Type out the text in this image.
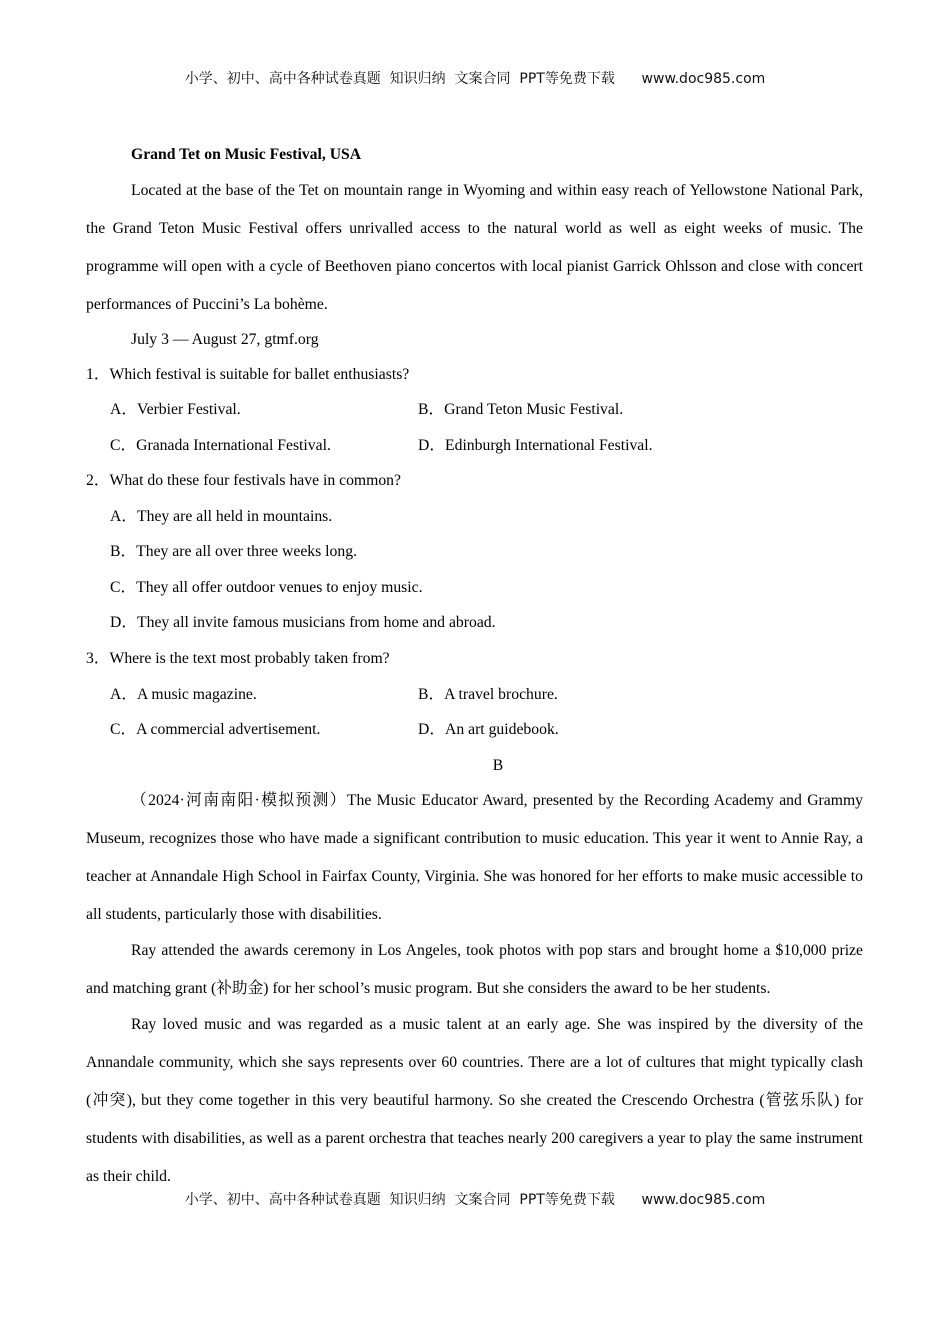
小学、初中、高中各种试卷真题  知识归纳  文案合同  PPT等免费下载      www.doc985.com
Grand Tet on Music Festival, USA
Located at the base of the Tet on mountain range in Wyoming and within easy reach of Yellowstone National Park, the Grand Teton Music Festival offers unrivalled access to the natural world as well as eight weeks of music. The programme will open with a cycle of Beethoven piano concertos with local pianist Garrick Ohlsson and close with concert performances of Puccini’s La bohème.
July 3 — August 27, gtmf.org
1．Which festival is suitable for ballet enthusiasts?
A．Verbier Festival.	B．Grand Teton Music Festival.
C．Granada International Festival.	D．Edinburgh International Festival.
2．What do these four festivals have in common?
A．They are all held in mountains.
B．They are all over three weeks long.
C．They all offer outdoor venues to enjoy music.
D．They all invite famous musicians from home and abroad.
3．Where is the text most probably taken from?
A．A music magazine.	B．A travel brochure.
C．A commercial advertisement.	D．An art guidebook.
B
（2024·河南南阳·模拟预测）The Music Educator Award, presented by the Recording Academy and Grammy Museum, recognizes those who have made a significant contribution to music education. This year it went to Annie Ray, a teacher at Annandale High School in Fairfax County, Virginia. She was honored for her efforts to make music accessible to all students, particularly those with disabilities.
Ray attended the awards ceremony in Los Angeles, took photos with pop stars and brought home a $10,000 prize and matching grant (补助金) for her school’s music program. But she considers the award to be her students.
Ray loved music and was regarded as a music talent at an early age. She was inspired by the diversity of the Annandale community, which she says represents over 60 countries. There are a lot of cultures that might typically clash (冲突), but they come together in this very beautiful harmony. So she created the Crescendo Orchestra (管弦乐队) for students with disabilities, as well as a parent orchestra that teaches nearly 200 caregivers a year to play the same instrument as their child.
小学、初中、高中各种试卷真题  知识归纳  文案合同  PPT等免费下载      www.doc985.com
